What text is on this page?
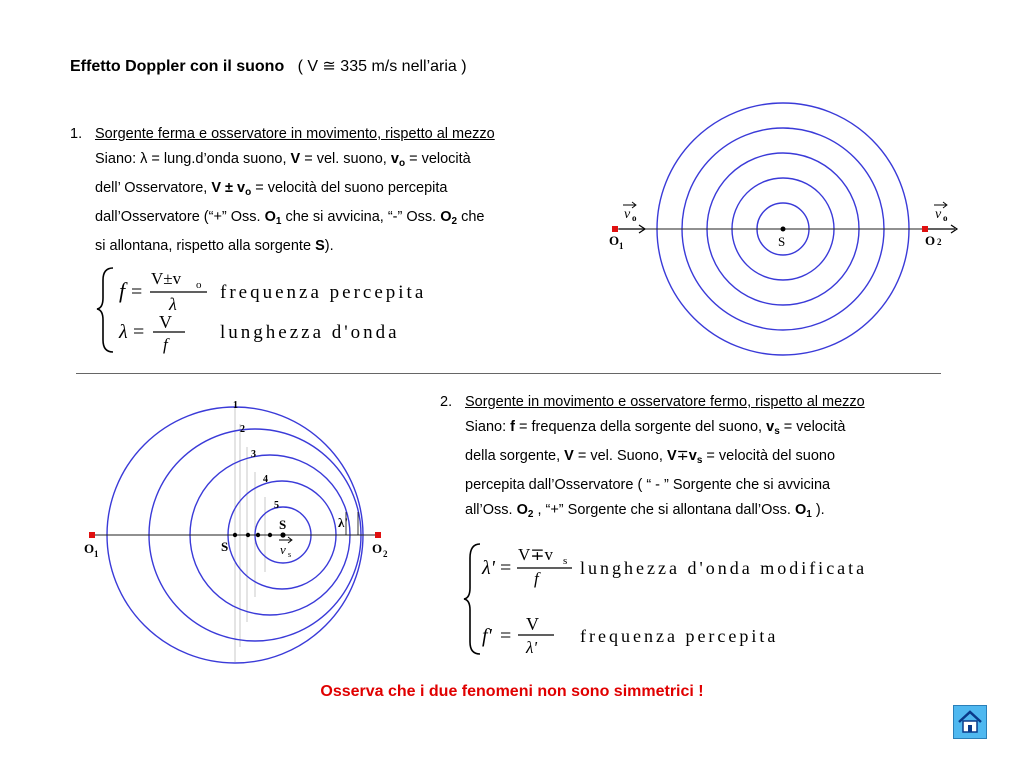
Effetto Doppler con il suono ( V ≅ 335 m/s nell’aria )
1. Sorgente ferma e osservatore in movimento, rispetto al mezzo
Siano: λ = lung.d’onda suono, V = vel. suono, $v_o$ = velocità
dell’ Osservatore, $V \pm v_o$ = velocità del suono percepita
dall’Osservatore (“+” Oss. $O_1$ che si avvicina, “-” Oss. $O_2$ che
si allontana, rispetto alla sorgente S).
f =
V±v o
λ
frequenza percepita
λ = V
f
lunghezza d'onda
S
O 1
v o
O 2
v o
1
2
3
4
5
S
S
v s
λ'
O 1	O 2
2. Sorgente in movimento e osservatore fermo, rispetto al mezzo
Siano: f = frequenza della sorgente del suono, $v_s$ = velocità
della sorgente, V = vel. Suono, $V\mp v_s$ = velocità del suono
percepita dall’Osservatore ( “ - ” Sorgente che si avvicina
all’Oss. $O_2$ , “+” Sorgente che si allontana dall’Oss. $O_1$ ).
λ' =
V∓v s
f
lunghezza d'onda modificata
f' =
V
λ'
frequenza percepita
Osserva che i due fenomeni non sono simmetrici !
